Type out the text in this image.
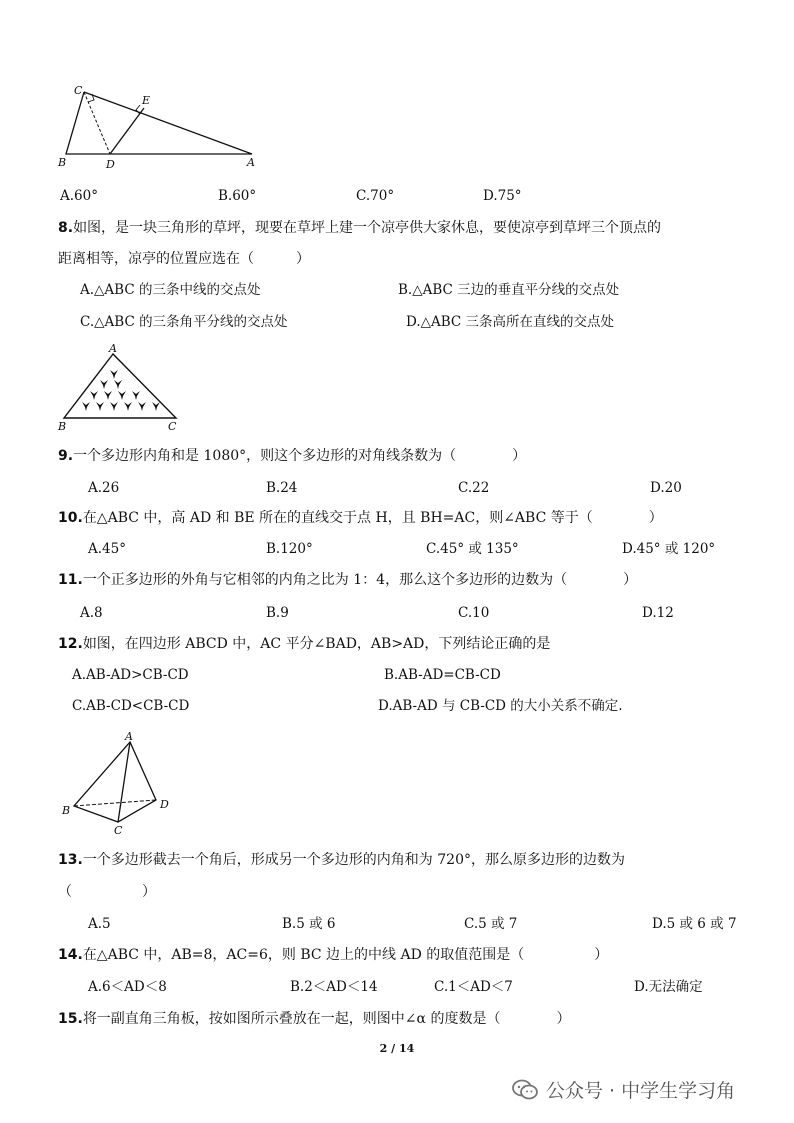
C
E
B	D	A
A.60°	B.60°	C.70°	D.75°
8.如图，是一块三角形的草坪，现要在草坪上建一个凉亭供大家休息，要使凉亭到草坪三个顶点的
距离相等，凉亭的位置应选在（　　　）
A.△ABC 的三条中线的交点处	B.△ABC 三边的垂直平分线的交点处
C.△ABC 的三条角平分线的交点处	D.△ABC 三条高所在直线的交点处
A
B	C
9.一个多边形内角和是 1080°，则这个多边形的对角线条数为（　　　　）
A.26	B.24	C.22	D.20
10.在△ABC 中，高 AD 和 BE 所在的直线交于点 H，且 BH=AC，则∠ABC 等于（　　　　）
A.45°	B.120°	C.45° 或 135°	D.45° 或 120°
11.一个正多边形的外角与它相邻的内角之比为 1：4，那么这个多边形的边数为（　　　　）
A.8	B.9	C.10	D.12
12.如图，在四边形 ABCD 中，AC 平分∠BAD，AB>AD，下列结论正确的是
A.AB-AD>CB-CD	B.AB-AD=CB-CD
C.AB-CD<CB-CD	D.AB-AD 与 CB-CD 的大小关系不确定.
A
B
C
D
13.一个多边形截去一个角后，形成另一个多边形的内角和为 720°，那么原多边形的边数为
（　　　　　）
A.5	B.5 或 6	C.5 或 7	D.5 或 6 或 7
14.在△ABC 中，AB=8，AC=6，则 BC 边上的中线 AD 的取值范围是（　　　　　）
A.6＜AD＜8	B.2＜AD＜14	C.1＜AD＜7	D.无法确定
15.将一副直角三角板，按如图所示叠放在一起，则图中∠α 的度数是（　　　　）
2 / 14
公众号 · 中学生学习角
